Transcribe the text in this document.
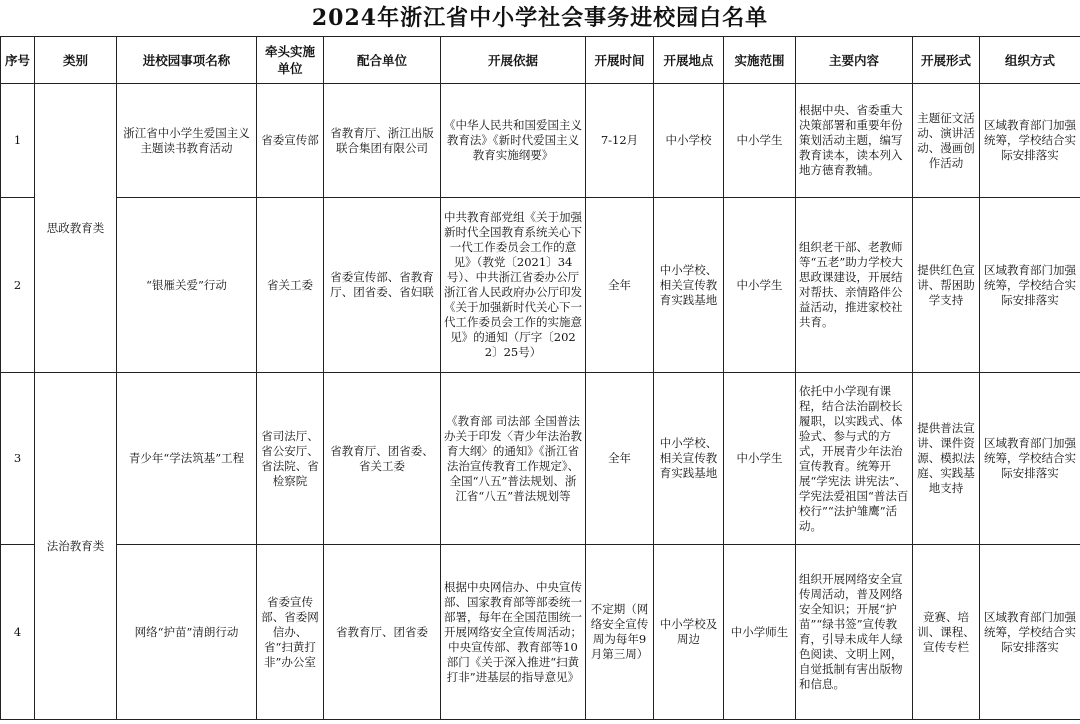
2024年浙江省中小学社会事务进校园白名单
序号	类别	进校园事项名称	牵头实施单位	配合单位	开展依据	开展时间	开展地点	实施范围	主要内容	开展形式	组织方式
1	思政教育类	浙江省中小学生爱国主义主题读书教育活动	省委宣传部	省教育厅、浙江出版联合集团有限公司	《中华人民共和国爱国主义教育法》《新时代爱国主义教育实施纲要》	7-12月	中小学校	中小学生	根据中央、省委重大决策部署和重要年份策划活动主题，编写教育读本，读本列入地方德育教辅。	主题征文活动、演讲活动、漫画创作活动	区域教育部门加强统筹，学校结合实际安排落实
2		“银雁关爱”行动	省关工委	省委宣传部、省教育厅、团省委、省妇联	中共教育部党组《关于加强新时代全国教育系统关心下一代工作委员会工作的意见》（教党〔2021〕34号）、中共浙江省委办公厅 浙江省人民政府办公厅印发《关于加强新时代关心下一代工作委员会工作的实施意见》的通知（厅字〔2022〕25号）	全年	中小学校、相关宣传教育实践基地	中小学生	组织老干部、老教师等“五老”助力学校大思政课建设，开展结对帮扶、亲情路伴公益活动，推进家校社共育。	提供红色宣讲、帮困助学支持	区域教育部门加强统筹，学校结合实际安排落实
3	法治教育类	青少年“学法筑基”工程	省司法厅、省公安厅、省法院、省检察院	省教育厅、团省委、省关工委	《教育部 司法部 全国普法办关于印发〈青少年法治教育大纲〉的通知》《浙江省法治宣传教育工作规定》、全国“八五”普法规划、浙江省“八五”普法规划等	全年	中小学校、相关宣传教育实践基地	中小学生	依托中小学现有课程，结合法治副校长履职，以实践式、体验式、参与式的方式，开展青少年法治宣传教育。统筹开展“学宪法 讲宪法”、学宪法爱祖国“普法百校行”“法护雏鹰”活动。	提供普法宣讲、课件资源、模拟法庭、实践基地支持	区域教育部门加强统筹，学校结合实际安排落实
4		网络“护苗”清朗行动	省委宣传部、省委网信办、省“扫黄打非”办公室	省教育厅、团省委	根据中央网信办、中央宣传部、国家教育部等部委统一部署，每年在全国范围统一开展网络安全宣传周活动；中央宣传部、教育部等10部门《关于深入推进“扫黄打非”进基层的指导意见》	不定期（网络安全宣传周为每年9月第三周）	中小学校及周边	中小学师生	组织开展网络安全宣传周活动，普及网络安全知识；开展“护苗”“绿书签”宣传教育，引导未成年人绿色阅读、文明上网，自觉抵制有害出版物和信息。	竞赛、培训、课程、宣传专栏	区域教育部门加强统筹，学校结合实际安排落实
